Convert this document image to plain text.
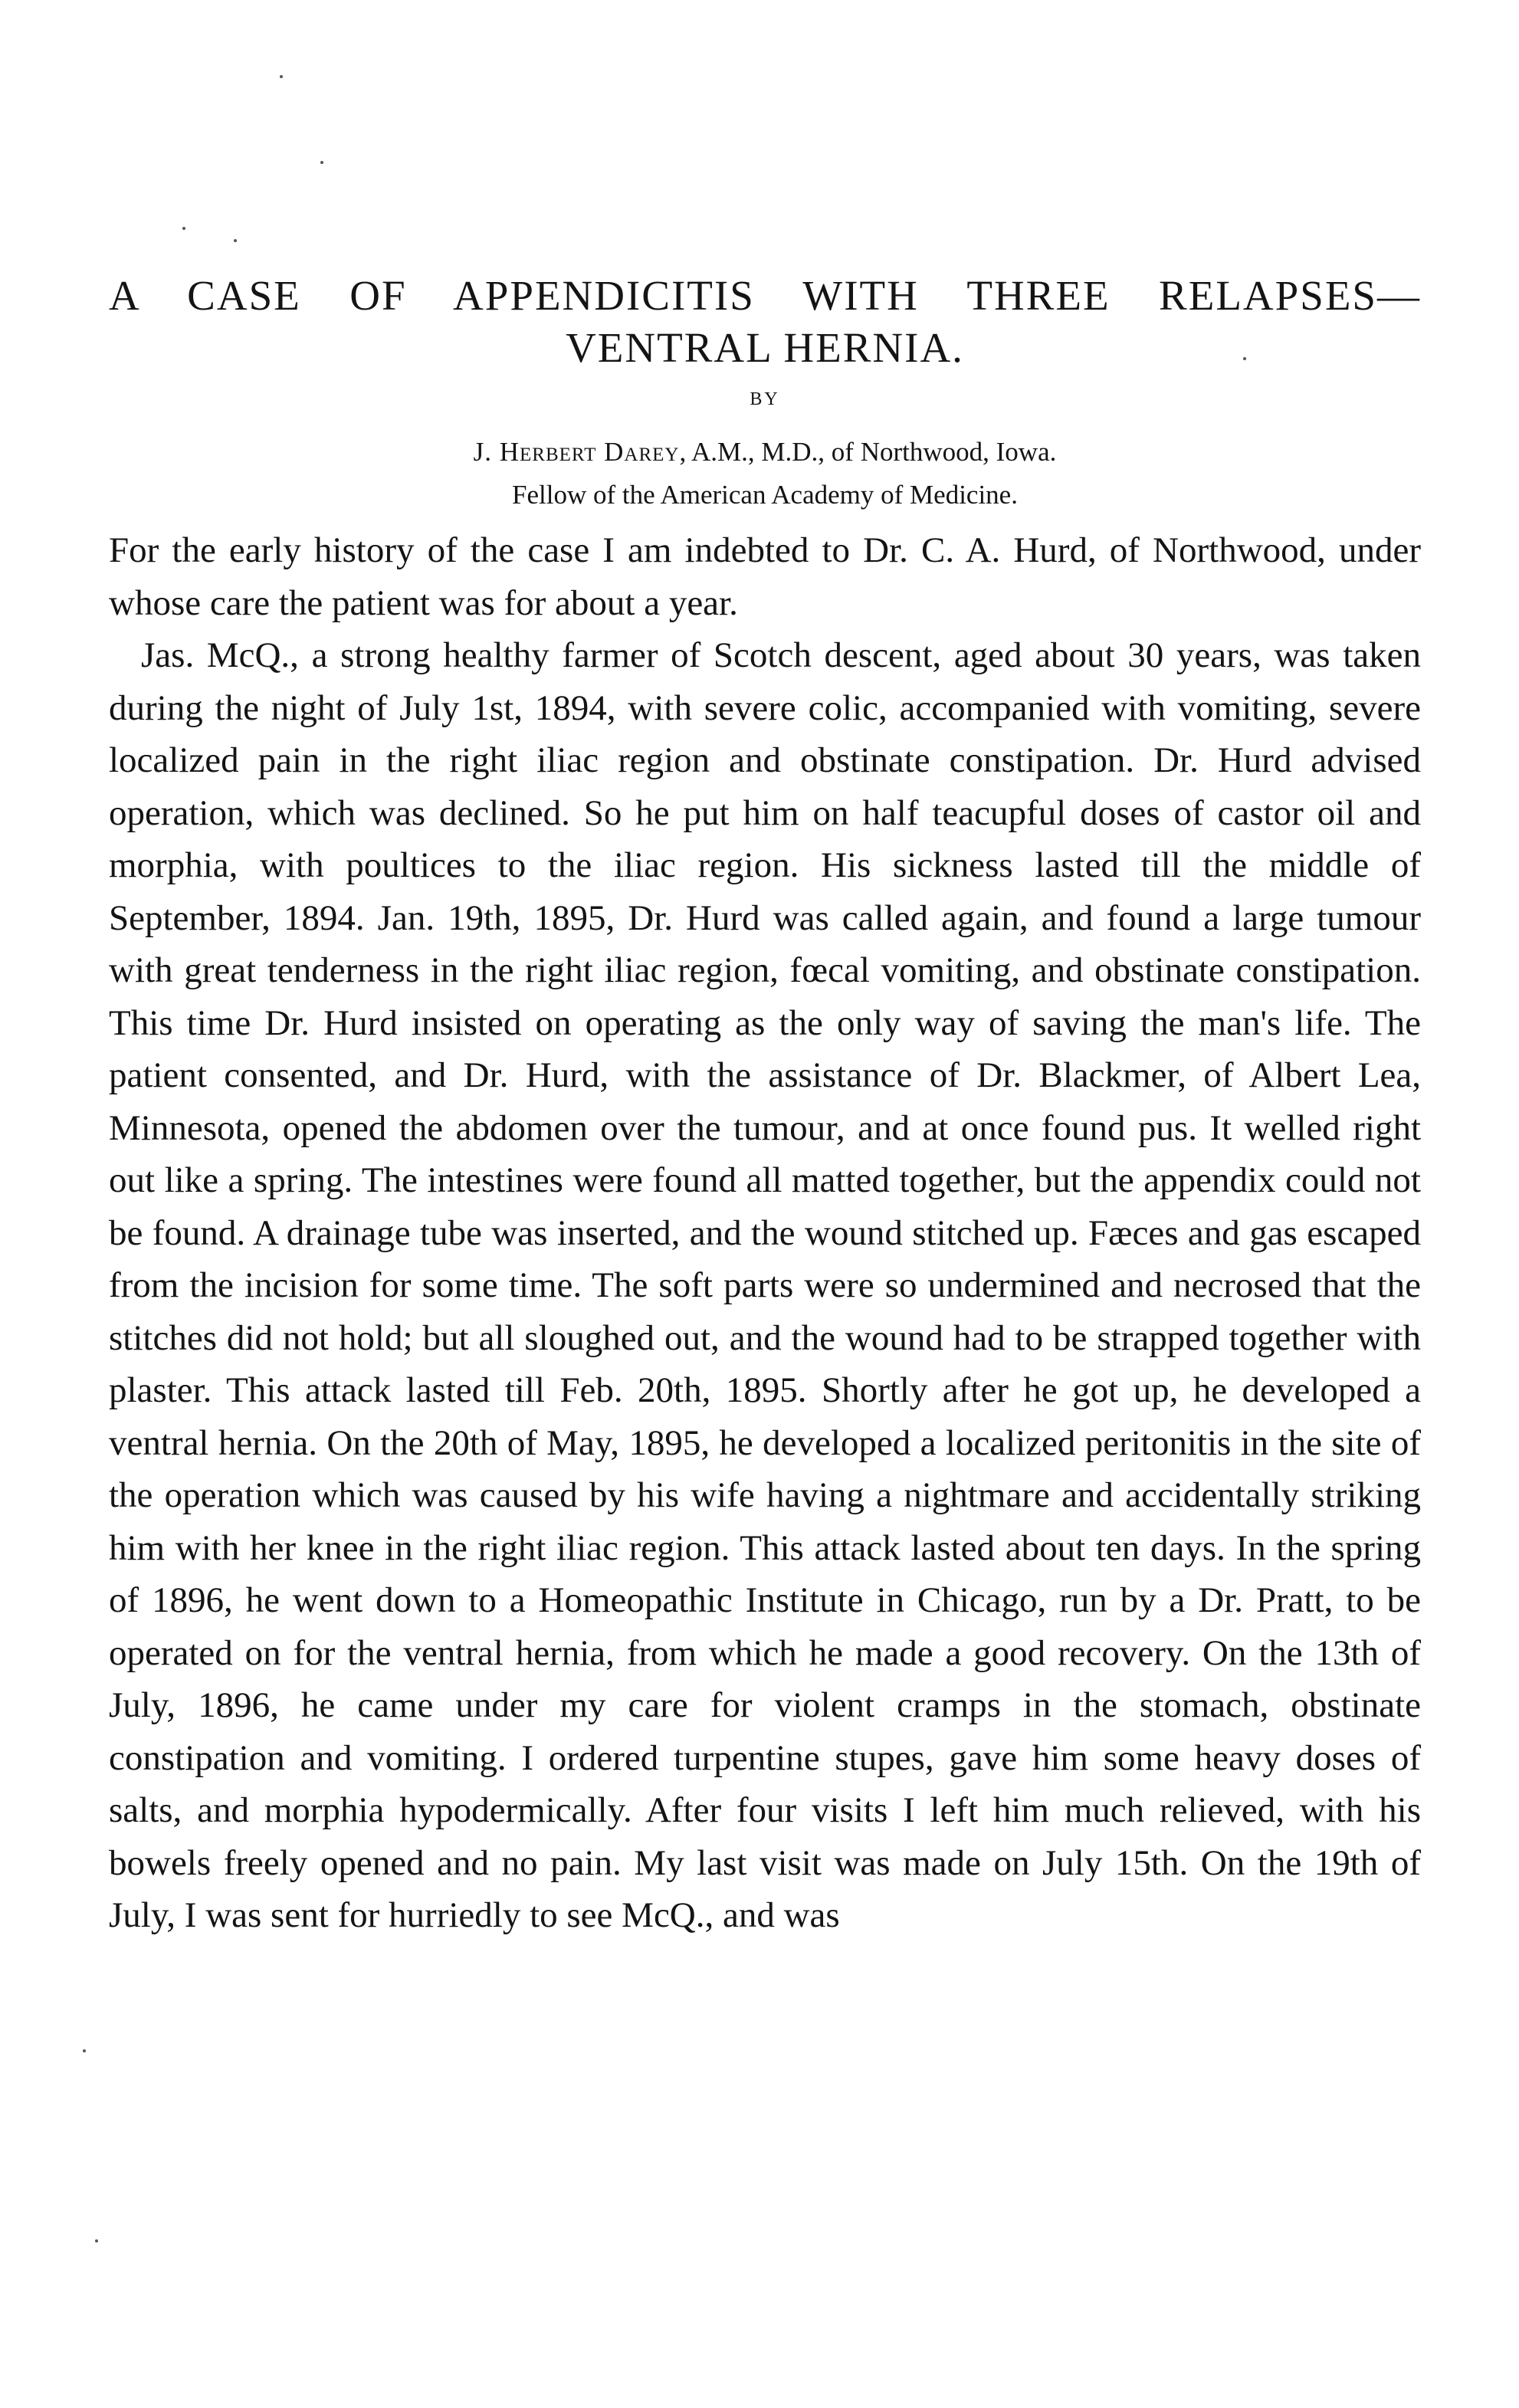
A CASE OF APPENDICITIS WITH THREE RELAPSES—
VENTRAL HERNIA.
BY
J. Herbert Darey, A.M., M.D., of Northwood, Iowa.
Fellow of the American Academy of Medicine.

For the early history of the case I am indebted to Dr. C. A. Hurd, of Northwood, under whose care the patient was for about a year.

Jas. McQ., a strong healthy farmer of Scotch descent, aged about 30 years, was taken during the night of July 1st, 1894, with severe colic, accompanied with vomiting, severe localized pain in the right iliac region and obstinate constipation. Dr. Hurd advised operation, which was declined. So he put him on half teacupful doses of castor oil and morphia, with poultices to the iliac region. His sickness lasted till the middle of September, 1894. Jan. 19th, 1895, Dr. Hurd was called again, and found a large tumour with great tenderness in the right iliac region, fœcal vomiting, and obstinate constipation. This time Dr. Hurd insisted on operating as the only way of saving the man's life. The patient consented, and Dr. Hurd, with the assistance of Dr. Blackmer, of Albert Lea, Minnesota, opened the abdomen over the tumour, and at once found pus. It welled right out like a spring. The intestines were found all matted together, but the appendix could not be found. A drainage tube was inserted, and the wound stitched up. Fæces and gas escaped from the incision for some time. The soft parts were so undermined and necrosed that the stitches did not hold; but all sloughed out, and the wound had to be strapped together with plaster. This attack lasted till Feb. 20th, 1895. Shortly after he got up, he developed a ventral hernia. On the 20th of May, 1895, he developed a localized peritonitis in the site of the operation which was caused by his wife having a nightmare and accidentally striking him with her knee in the right iliac region. This attack lasted about ten days. In the spring of 1896, he went down to a Homeopathic Institute in Chicago, run by a Dr. Pratt, to be operated on for the ventral hernia, from which he made a good recovery. On the 13th of July, 1896, he came under my care for violent cramps in the stomach, obstinate constipation and vomiting. I ordered turpentine stupes, gave him some heavy doses of salts, and morphia hypodermically. After four visits I left him much relieved, with his bowels freely opened and no pain. My last visit was made on July 15th. On the 19th of July, I was sent for hurriedly to see McQ., and was
